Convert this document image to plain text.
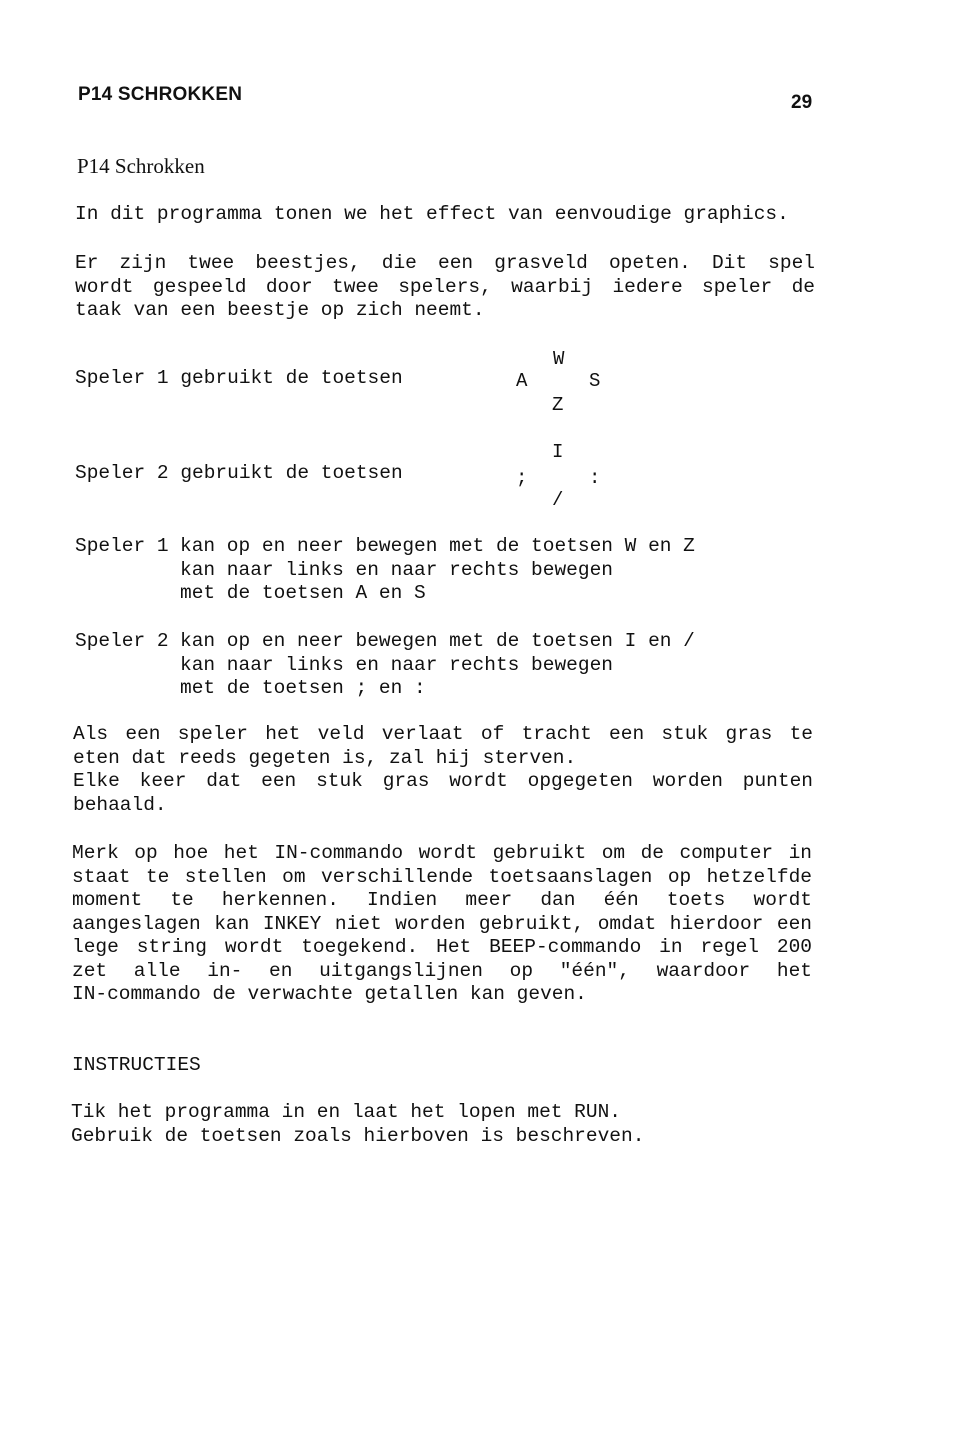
P14 SCHROKKEN	29
P14 Schrokken
In dit programma tonen we het effect van eenvoudige graphics.
Er zijn twee beestjes, die een grasveld opeten. Dit spel
wordt gespeeld door twee spelers, waarbij iedere speler de
taak van een beestje op zich neemt.
Speler 1 gebruikt de toetsen
W
A	S
Z
Speler 2 gebruikt de toetsen
I
;	:
/
Speler 1 kan op en neer bewegen met de toetsen W en Z
kan naar links en naar rechts bewegen
met de toetsen A en S
Speler 2 kan op en neer bewegen met de toetsen I en /
kan naar links en naar rechts bewegen
met de toetsen ; en :
Als een speler het veld verlaat of tracht een stuk gras te
eten dat reeds gegeten is, zal hij sterven.
Elke keer dat een stuk gras wordt opgegeten worden punten
behaald.
Merk op hoe het IN-commando wordt gebruikt om de computer in
staat te stellen om verschillende toetsaanslagen op hetzelfde
moment te herkennen. Indien meer dan één toets wordt
aangeslagen kan INKEY niet worden gebruikt, omdat hierdoor een
lege string wordt toegekend. Het BEEP-commando in regel 200
zet alle in- en uitgangslijnen op "één", waardoor het
IN-commando de verwachte getallen kan geven.
INSTRUCTIES
Tik het programma in en laat het lopen met RUN.
Gebruik de toetsen zoals hierboven is beschreven.
